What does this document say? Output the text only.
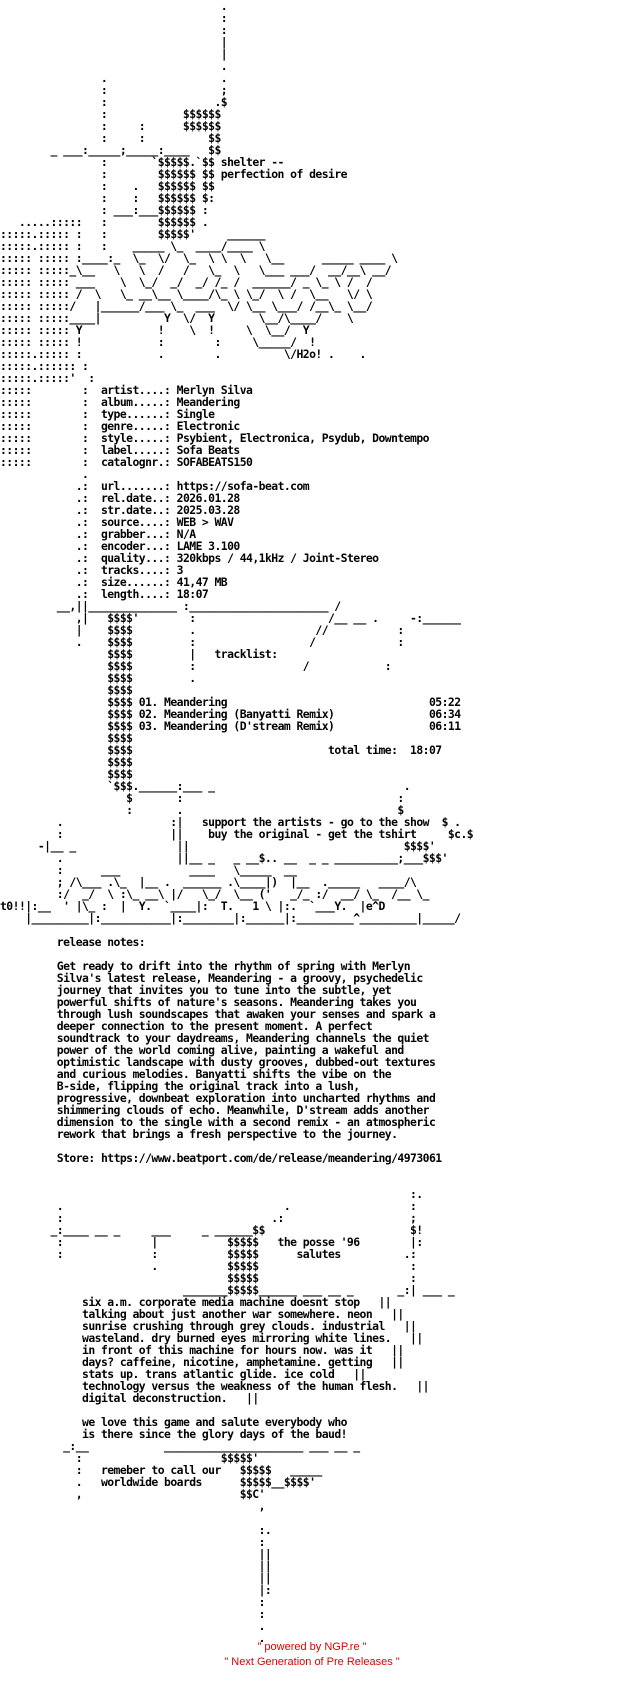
.
:
:
|
|
.
.                  .
:                  ;
:                 .$
:            $$$$$$
:     :      $$$$$$
:     :          $$
_ ___:_____;_____:____   $$
:       `$$$$$.`$$ shelter --
:        $$$$$$ $$ perfection of desire
:    .   $$$$$$ $$
:    :   $$$$$$ $:
: ___:___$$$$$$ :
.....:::::   :        $$$$$$ .
:::::.::::: :   :        $$$$$'     ______
:::::.::::: :   :    _____ \_  ____/____ \
::::: ::::: :____:_  \_  \/  \_  \ \  \   \__      _____ ____ \
::::: :::::_\__   \   \  /   /   \_  \   \___ ___/  __/__\ __/
::::: ::::: ___    \  \_/  _/  _/ /_ /  ______/ _ \_ \ /  /
::::: ::::: /  \   \_ __\__ \____/\_ \ \_/  \ /  \__   \/ \
::::: :::::/   |______/___ \_  ___  \/ \__ \___/ /__\_ \__/
::::: :::::____|          Y  \/  Y       \__/\____/    \
::::: ::::: Y            !    \  !     \  \__/  Y
::::: ::::: !            :        :     \_____/  !
:::::.::::: :            .        .          \/H2o! .    .
:::::.:::::: :
:::::.:::::'  :
:::::        :  artist....: Merlyn Silva
:::::        :  album.....: Meandering
:::::        :  type......: Single
:::::        :  genre.....: Electronic
:::::        :  style.....: Psybient, Electronica, Psydub, Downtempo
:::::        :  label.....: Sofa Beats
:::::        :  catalognr.: SOFABEATS150
.
.:  url.......: https://sofa-beat.com
.:  rel.date..: 2026.01.28
.:  str.date..: 2025.03.28
.:  source....: WEB > WAV
.:  grabber...: N/A
.:  encoder...: LAME 3.100
.:  quality...: 320kbps / 44,1kHz / Joint-Stereo
.:  tracks....: 3
.:  size......: 41,47 MB
.:  length....: 18:07
__,||______________ :______________________ /
,|   $$$$'        :                     /__ __ .     -:______
|    $$$$         .                   //           :
.    $$$$         :                  /             :
$$$$         |   tracklist:
$$$$         :                 /            :
$$$$         .
$$$$
$$$$ 01. Meandering                                05:22
$$$$ 02. Meandering (Banyatti Remix)               06:34
$$$$ 03. Meandering (D'stream Remix)               06:11
$$$$
$$$$                               total time: 18:07
$$$$
$$$$
`$$$.______:___ _                              .
$       :                                  :
:       .                                  $
.                 :|   support the artists - go to the show  $ .
:                 ||    buy the original - get the tshirt     $c.$
-|__ _                ||                                  $$$$'
.                  ||__ _   _ __$.. __  _ _ __________;___$$$'
:      ___           ____   \_____  __
; /\___ .\_  |__ .  ______ .\____|)  |__  ._____   ____/\
:/  _/  \ :\_ __\ |/   \_/  \__ ('   _/_ :/  __/ \_  /__ \_
t0!!|:__  ' |\_ :  |  Y.  `____|:  T.   1 \ |:.  `___Y.  |e^D
|_________|:___________|:________|:______|:_________^_________|_____/

release notes:

Get ready to drift into the rhythm of spring with Merlyn
Silva's latest release, Meandering - a groovy, psychedelic
journey that invites you to tune into the subtle, yet
powerful shifts of nature's seasons. Meandering takes you
through lush soundscapes that awaken your senses and spark a
deeper connection to the present moment. A perfect
soundtrack to your daydreams, Meandering channels the quiet
power of the world coming alive, painting a wakeful and
optimistic landscape with dusty grooves, dubbed-out textures
and curious melodies. Banyatti shifts the vibe on the
B-side, flipping the original track into a lush,
progressive, downbeat exploration into uncharted rhythms and
shimmering clouds of echo. Meanwhile, D'stream adds another
dimension to the single with a second remix - an atmospheric
rework that brings a fresh perspective to the journey.

Store: https://www.beatport.com/de/release/meandering/4973061

:.
.                                   .                   :
:                                 .:                    ;
_:____ __ _     ___     _ ______$$                       $!
:              |           $$$$$   the posse '96        |:
:              :           $$$$$      salutes          .:
.           $$$$$                        :
$$$$$                        :
_______$$$$$______ ___ __ _       _:| ___ _
six a.m. corporate media machine doesnt stop   ||
talking about just another war somewhere. neon   ||
sunrise crushing through grey clouds. industrial   ||
wasteland. dry burned eyes mirroring white lines.   ||
in front of this machine for hours now. was it   ||
days? caffeine, nicotine, amphetamine. getting   ||
stats up. trans atlantic glide. ice cold   ||
technology versus the weakness of the human flesh.   ||
digital deconstruction.   ||

we love this game and salute everybody who
is there since the glory days of the baud!
_:__            ______________________ ___ __ _
:                      $$$$$'
:   remeber to call our   $$$$$   _____
.   worldwide boards      $$$$$__$$$$'
,                         $$C'
,

:.
:
||
||
||
|:
:
:
.
.

" powered by NGP.re "
" Next Generation of Pre Releases "
